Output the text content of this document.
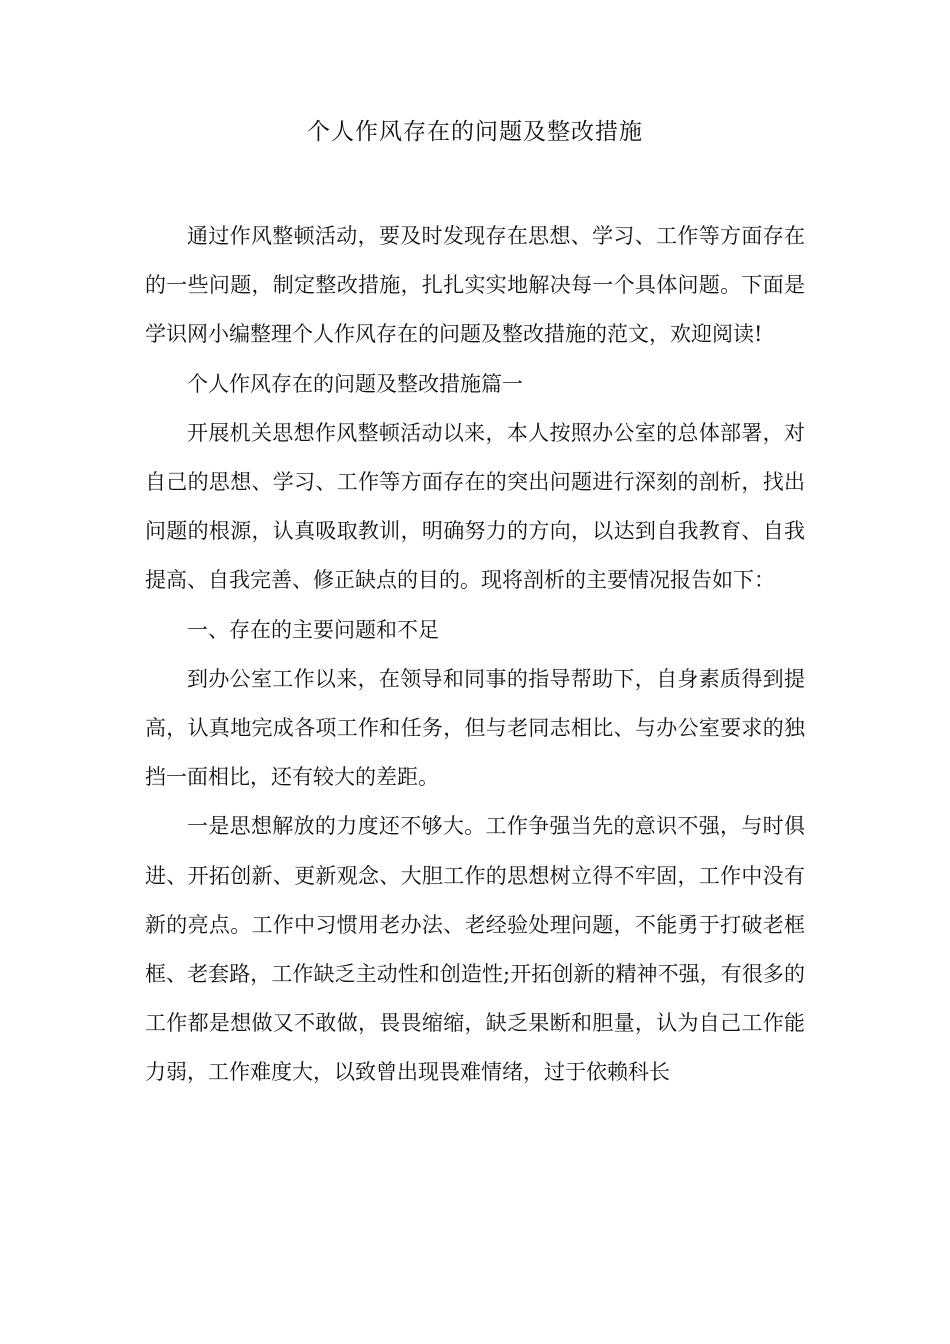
个人作风存在的问题及整改措施

通过作风整顿活动，要及时发现存在思想、学习、工作等方面存在的一些问题，制定整改措施，扎扎实实地解决每一个具体问题。下面是学识网小编整理个人作风存在的问题及整改措施的范文，欢迎阅读!

个人作风存在的问题及整改措施篇一

开展机关思想作风整顿活动以来，本人按照办公室的总体部署，对自己的思想、学习、工作等方面存在的突出问题进行深刻的剖析，找出问题的根源，认真吸取教训，明确努力的方向，以达到自我教育、自我提高、自我完善、修正缺点的目的。现将剖析的主要情况报告如下：

一、存在的主要问题和不足

到办公室工作以来，在领导和同事的指导帮助下，自身素质得到提高，认真地完成各项工作和任务，但与老同志相比、与办公室要求的独挡一面相比，还有较大的差距。

一是思想解放的力度还不够大。工作争强当先的意识不强，与时俱进、开拓创新、更新观念、大胆工作的思想树立得不牢固，工作中没有新的亮点。工作中习惯用老办法、老经验处理问题，不能勇于打破老框框、老套路，工作缺乏主动性和创造性;开拓创新的精神不强，有很多的工作都是想做又不敢做，畏畏缩缩，缺乏果断和胆量，认为自己工作能力弱，工作难度大，以致曾出现畏难情绪，过于依赖科长
